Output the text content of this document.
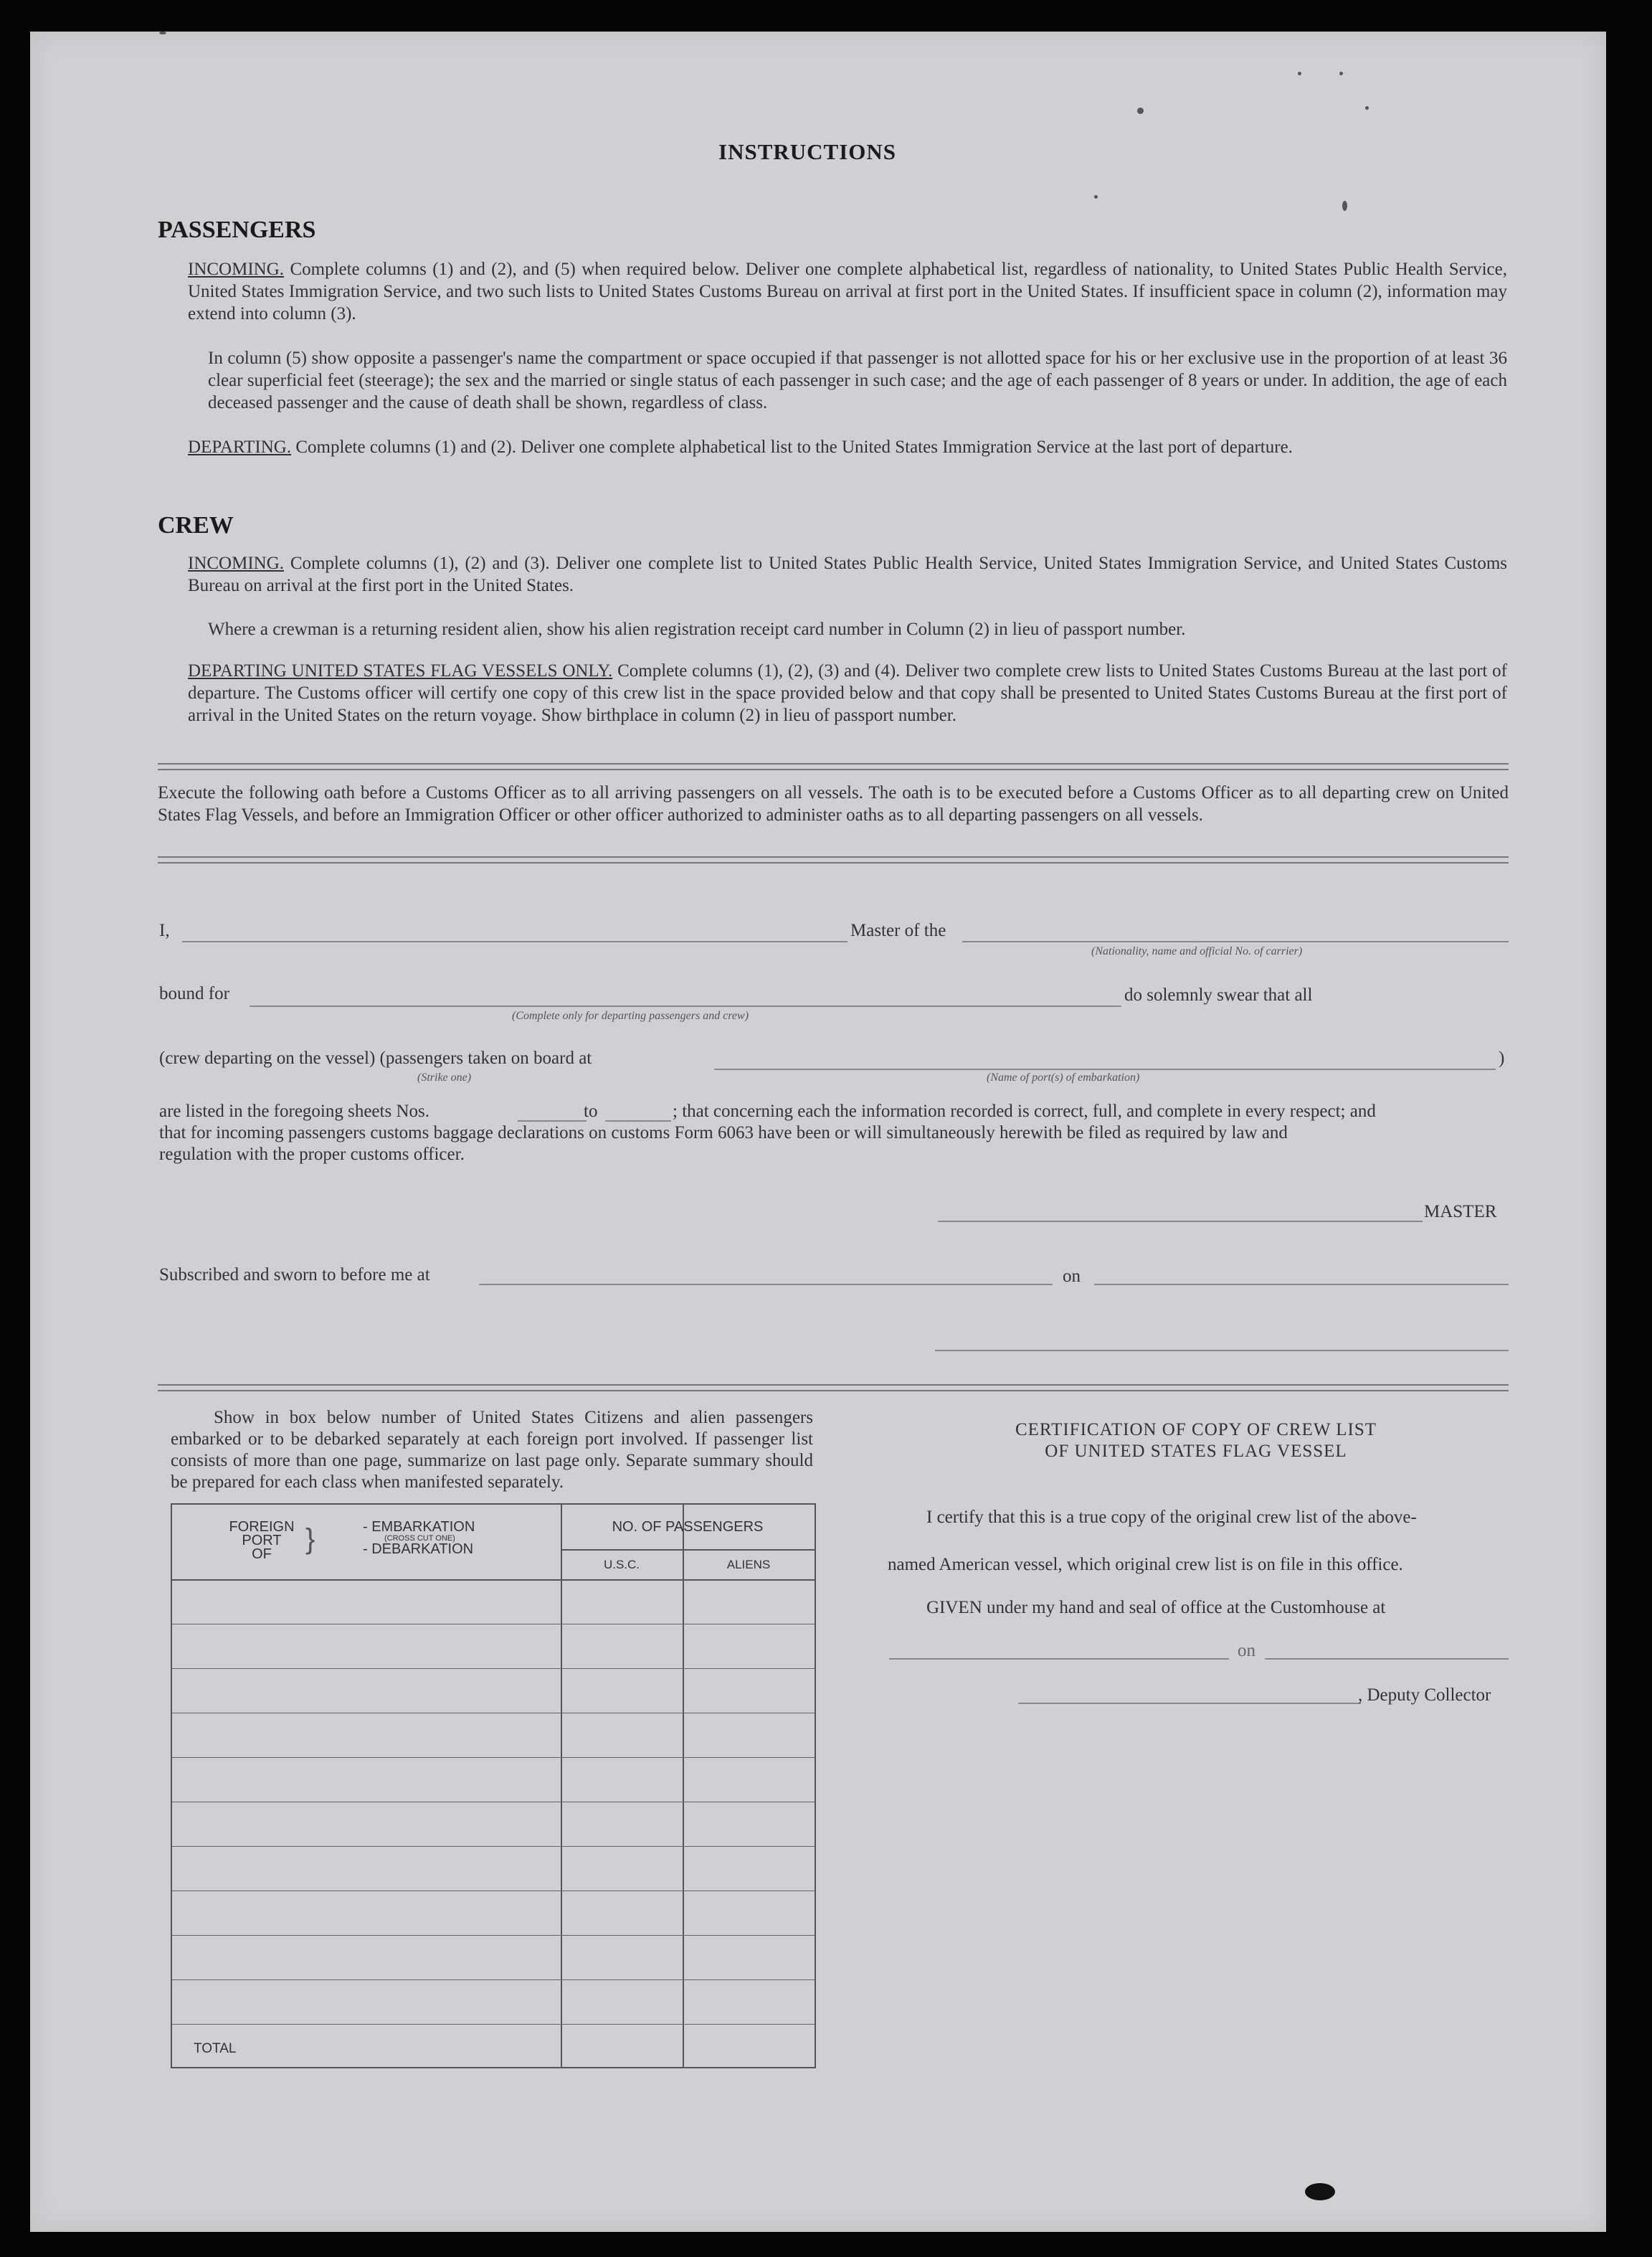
INSTRUCTIONS
PASSENGERS
INCOMING. Complete columns (1) and (2), and (5) when required below. Deliver one complete alphabetical list, regardless of nationality, to United States Public Health Service, United States Immigration Service, and two such lists to United States Customs Bureau on arrival at first port in the United States. If insufficient space in column (2), information may extend into column (3).
In column (5) show opposite a passenger's name the compartment or space occupied if that passenger is not allotted space for his or her exclusive use in the proportion of at least 36 clear superficial feet (steerage); the sex and the married or single status of each passenger in such case; and the age of each passenger of 8 years or under. In addition, the age of each deceased passenger and the cause of death shall be shown, regardless of class.
DEPARTING. Complete columns (1) and (2). Deliver one complete alphabetical list to the United States Immigration Service at the last port of departure.
CREW
INCOMING. Complete columns (1), (2) and (3). Deliver one complete list to United States Public Health Service, United States Immigration Service, and United States Customs Bureau on arrival at the first port in the United States.
Where a crewman is a returning resident alien, show his alien registration receipt card number in Column (2) in lieu of passport number.
DEPARTING UNITED STATES FLAG VESSELS ONLY. Complete columns (1), (2), (3) and (4). Deliver two complete crew lists to United States Customs Bureau at the last port of departure. The Customs officer will certify one copy of this crew list in the space provided below and that copy shall be presented to United States Customs Bureau at the first port of arrival in the United States on the return voyage. Show birthplace in column (2) in lieu of passport number.
Execute the following oath before a Customs Officer as to all arriving passengers on all vessels. The oath is to be executed before a Customs Officer as to all departing crew on United States Flag Vessels, and before an Immigration Officer or other officer authorized to administer oaths as to all departing passengers on all vessels.
I,	Master of the
(Nationality, name and official No. of carrier)
bound for
(Complete only for departing passengers and crew)
do solemnly swear that all
(crew departing on the vessel) (passengers taken on board at	)
(Strike one)	(Name of port(s) of embarkation)
are listed in the foregoing sheets Nos.	to	; that concerning each the information recorded is correct, full, and complete in every respect; and
that for incoming passengers customs baggage declarations on customs Form 6063 have been or will simultaneously herewith be filed as required by law and
regulation with the proper customs officer.
MASTER
Subscribed and sworn to before me at	on
Show in box below number of United States Citizens and alien passengers embarked or to be debarked separately at each foreign port involved. If passenger list consists of more than one page, summarize on last page only. Separate summary should be prepared for each class when manifested separately.
FOREIGN
PORT
OF	}	- EMBARKATION
(CROSS CUT ONE)
- DEBARKATION
NO. OF PASSENGERS
U.S.C.	ALIENS
TOTAL
CERTIFICATION OF COPY OF CREW LIST
OF UNITED STATES FLAG VESSEL
I certify that this is a true copy of the original crew list of the above-
named American vessel, which original crew list is on file in this office.
GIVEN under my hand and seal of office at the Customhouse at
on
, Deputy Collector
